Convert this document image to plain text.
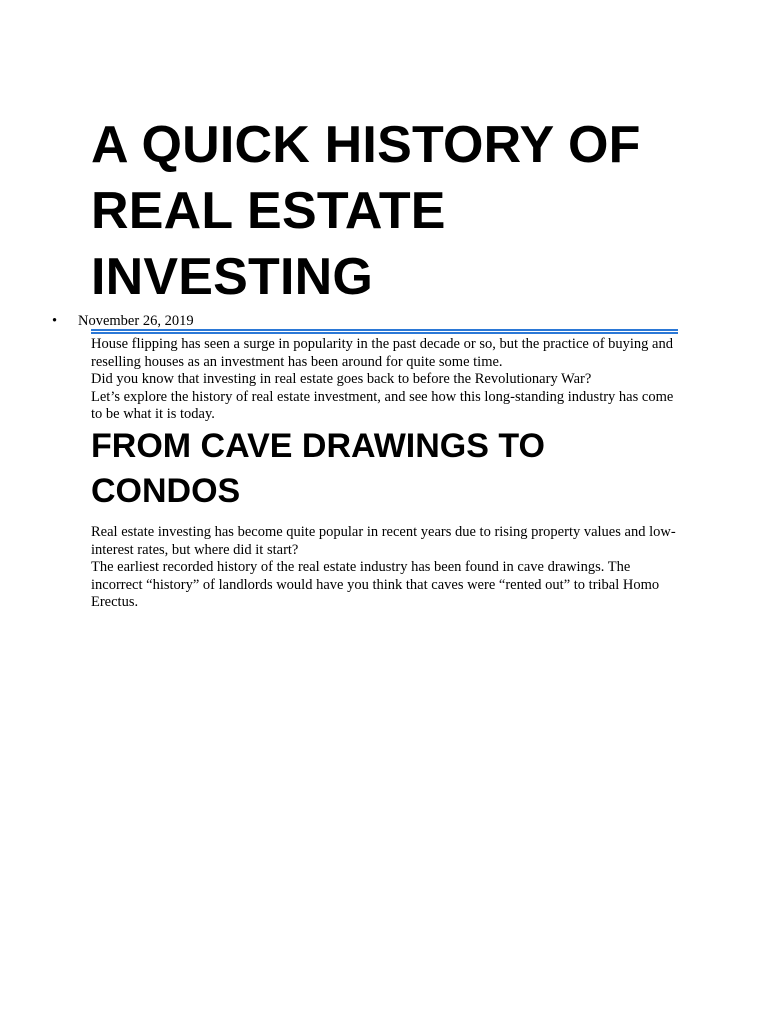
A QUICK HISTORY OF REAL ESTATE INVESTING
• November 26, 2019

House flipping has seen a surge in popularity in the past decade or so, but the practice of buying and reselling houses as an investment has been around for quite some time.

Did you know that investing in real estate goes back to before the Revolutionary War?

Let’s explore the history of real estate investment, and see how this long-standing industry has come to be what it is today.

FROM CAVE DRAWINGS TO CONDOS

Real estate investing has become quite popular in recent years due to rising property values and low-interest rates, but where did it start?

The earliest recorded history of the real estate industry has been found in cave drawings. The incorrect “history” of landlords would have you think that caves were “rented out” to tribal Homo Erectus.
